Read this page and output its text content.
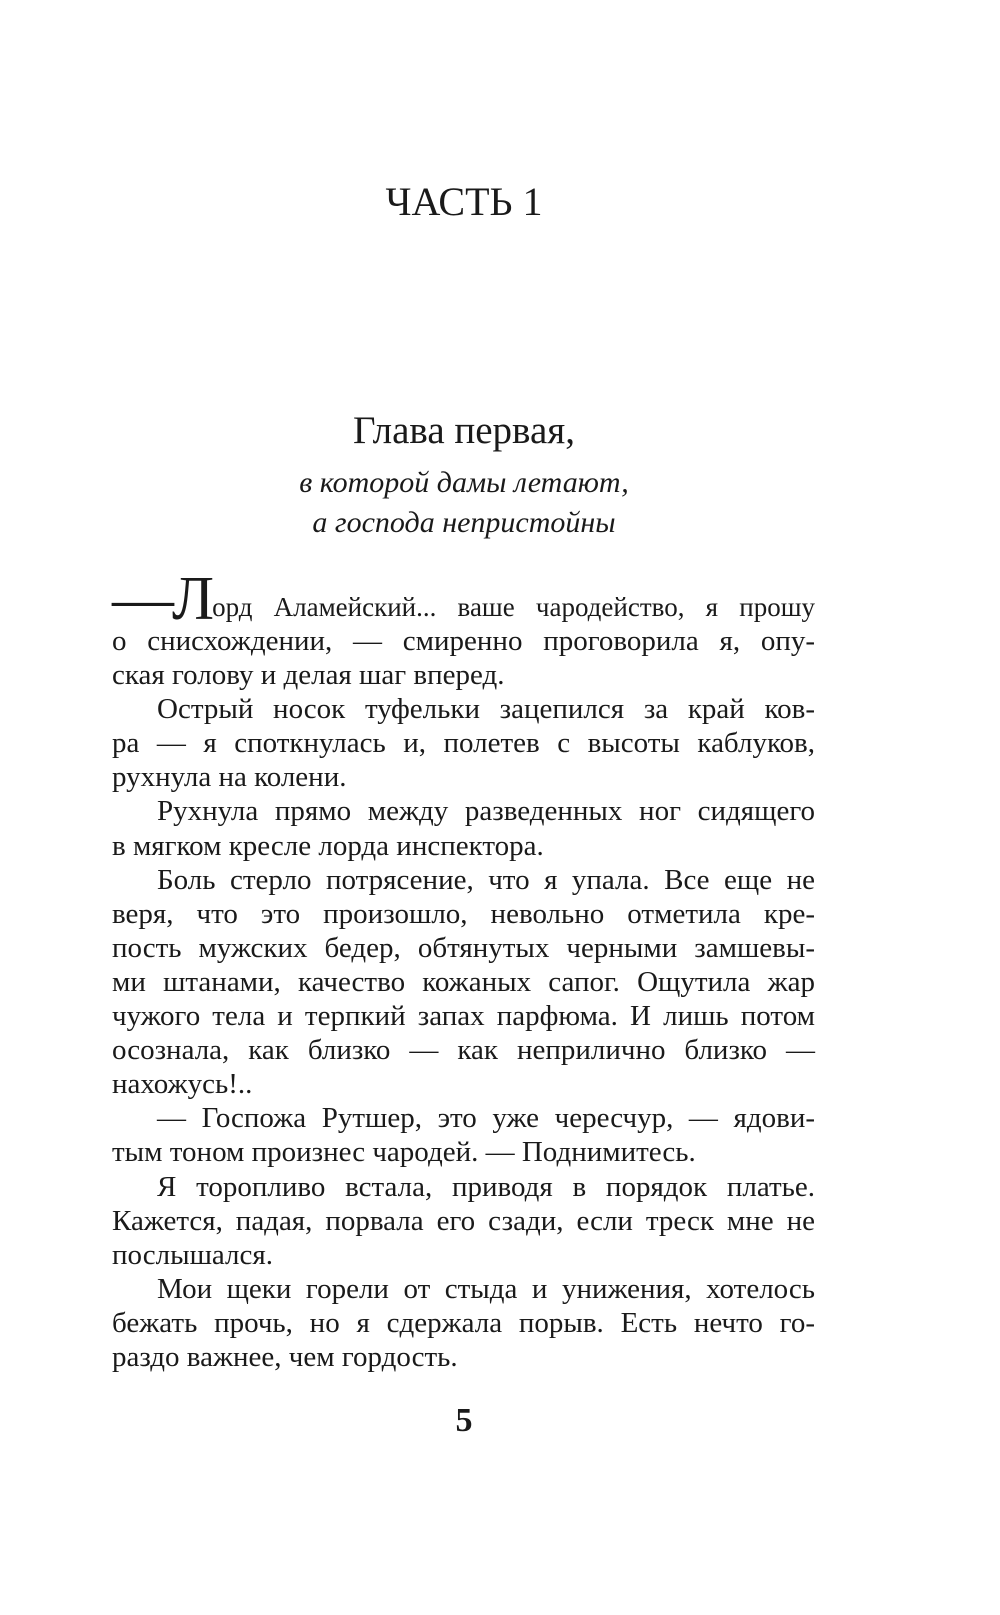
ЧАСТЬ 1
Глава первая,
в которой дамы летают,
а господа непристойны
—Л орд Аламейский... ваше чародейство, я прошу
о снисхождении, — смиренно проговорила я, опу-
ская голову и делая шаг вперед.
Острый носок туфельки зацепился за край ков-
ра — я споткнулась и, полетев с высоты каблуков,
рухнула на колени.
Рухнула прямо между разведенных ног сидящего
в мягком кресле лорда инспектора.
Боль стерло потрясение, что я упала. Все еще не
веря, что это произошло, невольно отметила кре-
пость мужских бедер, обтянутых черными замшевы-
ми штанами, качество кожаных сапог. Ощутила жар
чужого тела и терпкий запах парфюма. И лишь потом
осознала, как близко — как неприлично близко —
нахожусь!..
— Госпожа Рутшер, это уже чересчур, — ядови-
тым тоном произнес чародей. — Поднимитесь.
Я торопливо встала, приводя в порядок платье.
Кажется, падая, порвала его сзади, если треск мне не
послышался.
Мои щеки горели от стыда и унижения, хотелось
бежать прочь, но я сдержала порыв. Есть нечто го-
раздо важнее, чем гордость.
5
